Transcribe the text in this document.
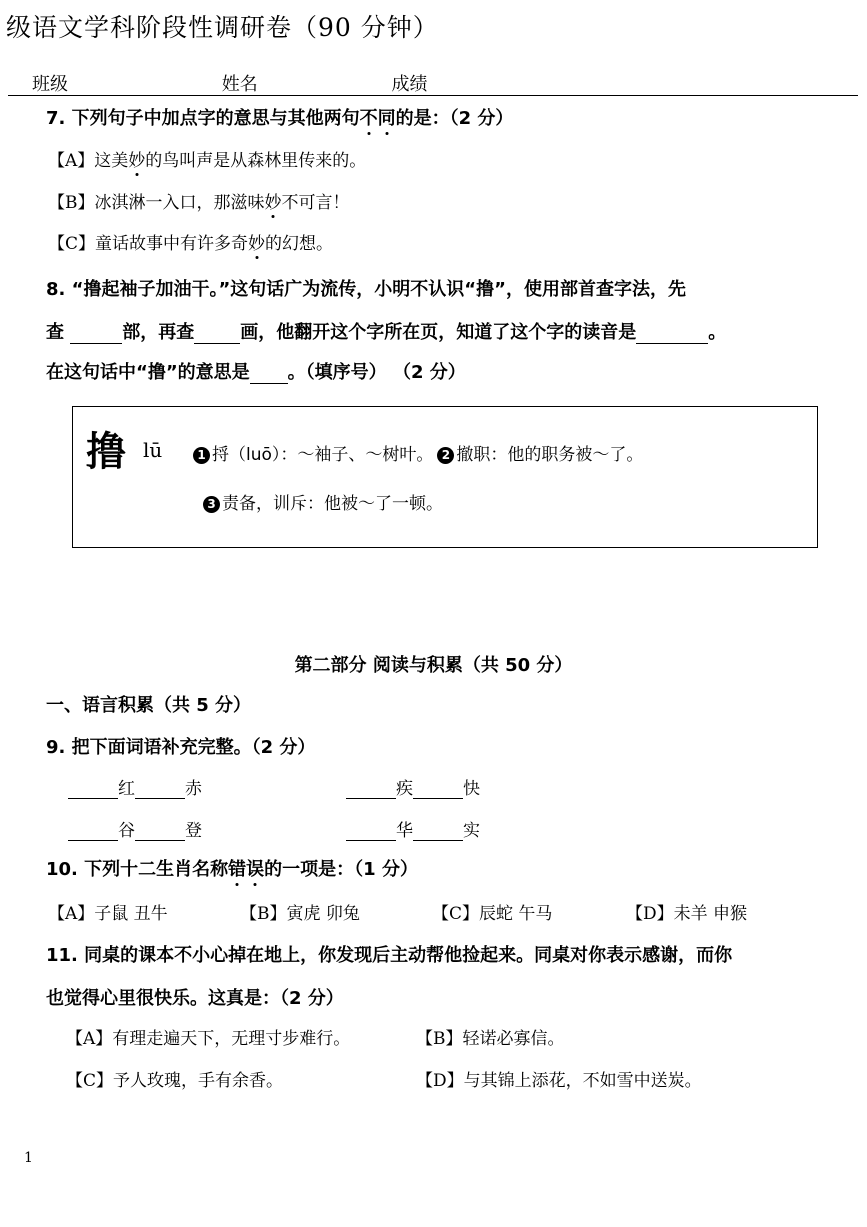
级语文学科阶段性调研卷（90 分钟）
班级	姓名	成绩
7. 下列句子中加点字的意思与其他两句不同的是：（2 分）
【A】这美妙的鸟叫声是从森林里传来的。
【B】冰淇淋一入口，那滋味妙不可言！
【C】童话故事中有许多奇妙的幻想。
8. “撸起袖子加油干。”这句话广为流传，小明不认识“撸”，使用部首查字法，先
查	部，再查	画，他翻开这个字所在页，知道了这个字的读音是	。
在这句话中“撸”的意思是 。（填序号） （2 分）
撸 lū	1 捋（luō）：～袖子、～树叶。 2 撤职：他的职务被～了。
3 责备，训斥：他被～了一顿。
第二部分 阅读与积累（共 50 分）
一、语言积累（共 5 分）
9. 把下面词语补充完整。（2 分）
红	赤	疾	快
谷	登	华	实
10. 下列十二生肖名称错误的一项是：（1 分）
【A】子鼠 丑牛	【B】寅虎 卯兔	【C】辰蛇 午马	【D】未羊 申猴
11. 同桌的课本不小心掉在地上，你发现后主动帮他捡起来。同桌对你表示感谢，而你
也觉得心里很快乐。这真是：（2 分）
【A】有理走遍天下，无理寸步难行。	【B】轻诺必寡信。
【C】予人玫瑰，手有余香。	【D】与其锦上添花，不如雪中送炭。
1
